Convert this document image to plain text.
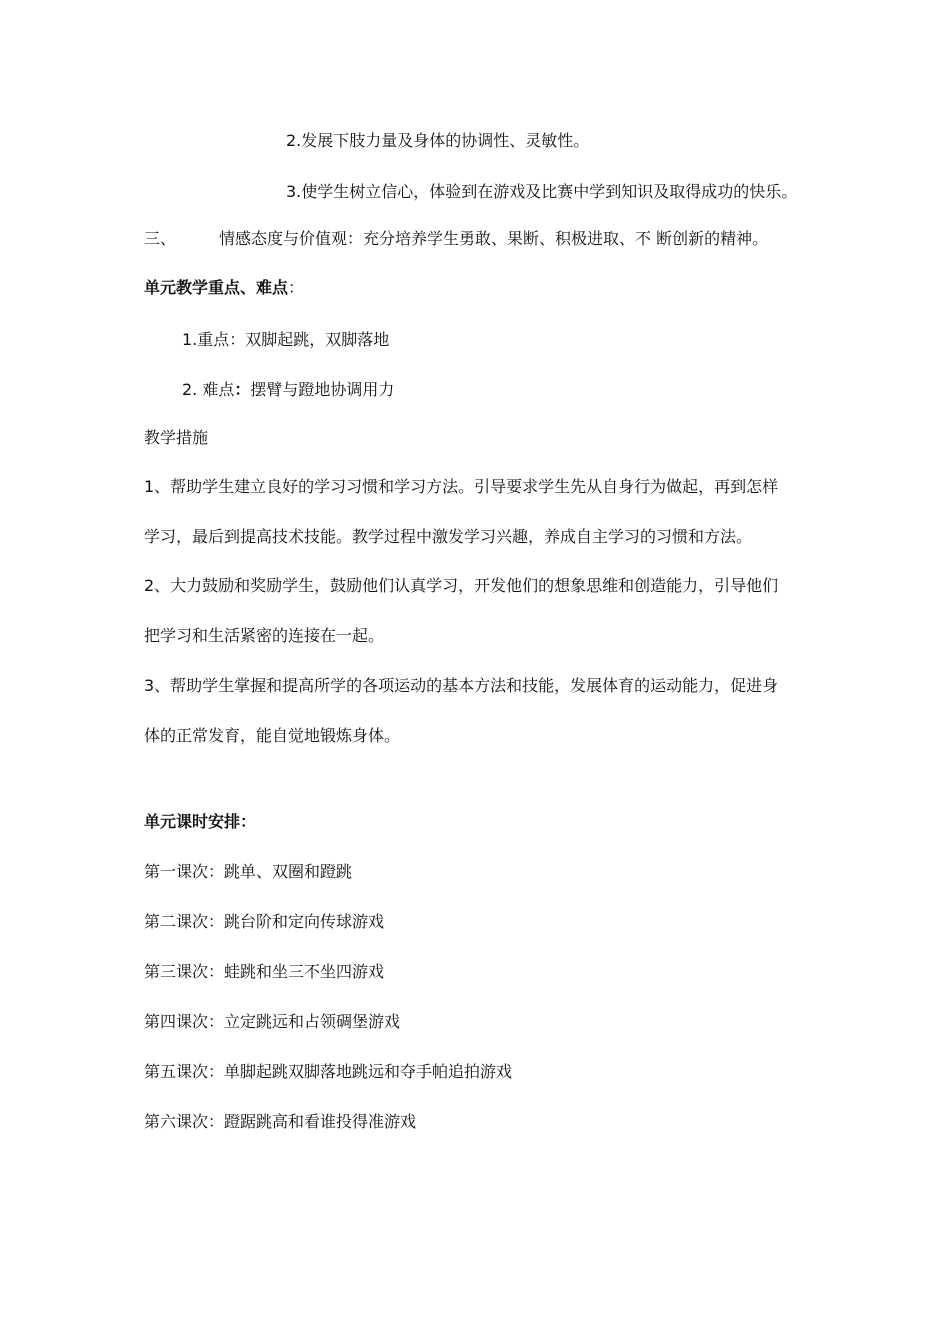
2.发展下肢力量及身体的协调性、灵敏性。
3.使学生树立信心，体验到在游戏及比赛中学到知识及取得成功的快乐。
三、	情感态度与价值观：充分培养学生勇敢、果断、积极进取、不 断创新的精神。
单元教学重点、难点：
1.重点：双脚起跳，双脚落地
2. 难点：摆臂与蹬地协调用力
教学措施
1、帮助学生建立良好的学习习惯和学习方法。引导要求学生先从自身行为做起，再到怎样
学习，最后到提高技术技能。教学过程中激发学习兴趣，养成自主学习的习惯和方法。
2、大力鼓励和奖励学生，鼓励他们认真学习，开发他们的想象思维和创造能力，引导他们
把学习和生活紧密的连接在一起。
3、帮助学生掌握和提高所学的各项运动的基本方法和技能，发展体育的运动能力，促进身
体的正常发育，能自觉地锻炼身体。
单元课时安排：
第一课次：跳单、双圈和蹬跳
第二课次：跳台阶和定向传球游戏
第三课次：蛙跳和坐三不坐四游戏
第四课次：立定跳远和占领碉堡游戏
第五课次：单脚起跳双脚落地跳远和夺手帕追拍游戏
第六课次：蹬踞跳高和看谁投得准游戏
